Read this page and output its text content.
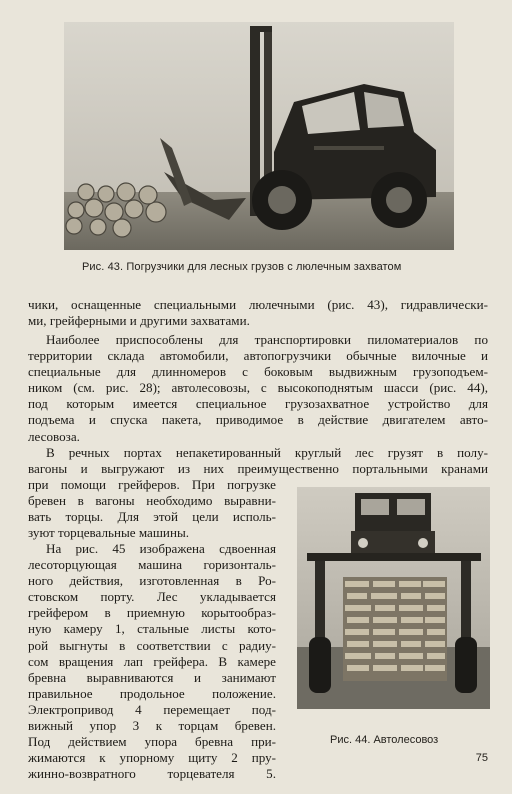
Рис. 43. Погрузчики для лесных грузов с люлечным захватом
чики, оснащенные специальными люлечными (рис. 43), гидравлически-
ми, грейферными и другими захватами.
Наиболее приспособлены для транспортировки пиломатериалов по
территории склада автомобили, автопогрузчики обычные вилочные и
специальные для длинномеров с боковым выдвижным грузоподъем-
ником (см. рис. 28); автолесовозы, с высокоподнятым шасси (рис. 44),
под которым имеется специальное грузозахватное устройство для
подъема и спуска пакета, приводимое в действие двигателем авто-
лесовоза.
В речных портах непакетированный круглый лес грузят в полу-
вагоны и выгружают из них преимущественно портальными кранами
при помощи грейферов. При погрузке
бревен в вагоны необходимо выравни-
вать торцы. Для этой цели исполь-
зуют торцевальные машины.
На рис. 45 изображена сдвоенная
лесоторцующая машина горизонталь-
ного действия, изготовленная в Ро-
стовском порту. Лес укладывается
грейфером в приемную корытообраз-
ную камеру 1, стальные листы кото-
рой выгнуты в соответствии с радиу-
сом вращения лап грейфера. В камере
бревна выравниваются и занимают
правильное продольное положение.
Электропривод 4 перемещает под-
вижный упор 3 к торцам бревен.
Под действием упора бревна при-
жимаются к упорному щиту 2 пру-
жинно-возвратного торцевателя 5.
Рис. 44. Автолесовоз
75
